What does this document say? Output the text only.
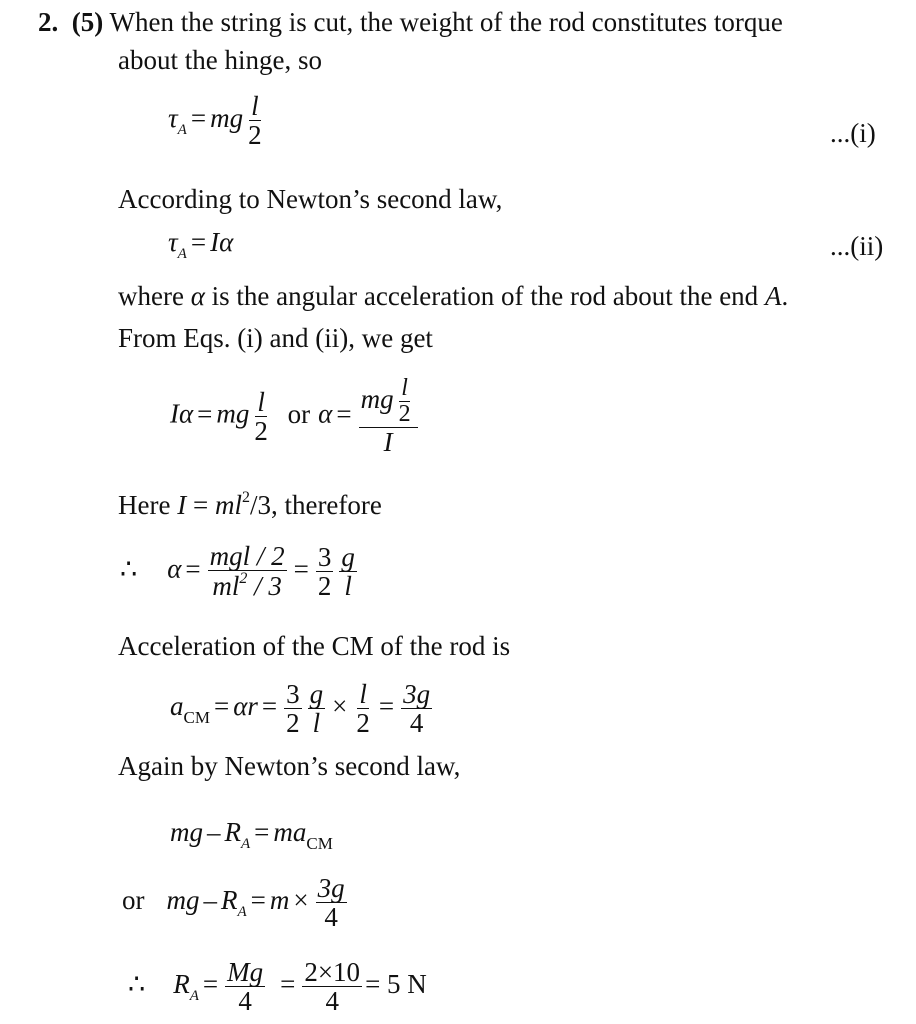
2. (5) When the string is cut, the weight of the rod constitutes torque
about the hinge, so
$\tau_A$ = mg $\frac{l}{2}$	...(i)
According to Newton’s second law,
$\tau_A = I\alpha$	...(ii)
where α is the angular acceleration of the rod about the end A.
From Eqs. (i) and (ii), we get
Iα = mg $\frac{l}{2}$ or $\alpha = \frac{mg \frac{l}{2}}{I}$
Here $I = ml^2/3$, therefore
∴ $\alpha = \frac{\text{mgl / 2}}{ml^2 / 3} = \frac{3}{2} \frac{g}{l}$
Acceleration of the CM of the rod is
$a_{CM} = \alpha r = \frac{3}{2} \frac{g}{l} \times \frac{l}{2} = \frac{3g}{4}$
Again by Newton’s second law,
mg – $R_A = ma_{CM}$
or mg – $R_A = m \times \frac{3g}{4}$
∴ $R_A = \frac{Mg}{4} = \frac{2\times 10}{4} = 5$ N
